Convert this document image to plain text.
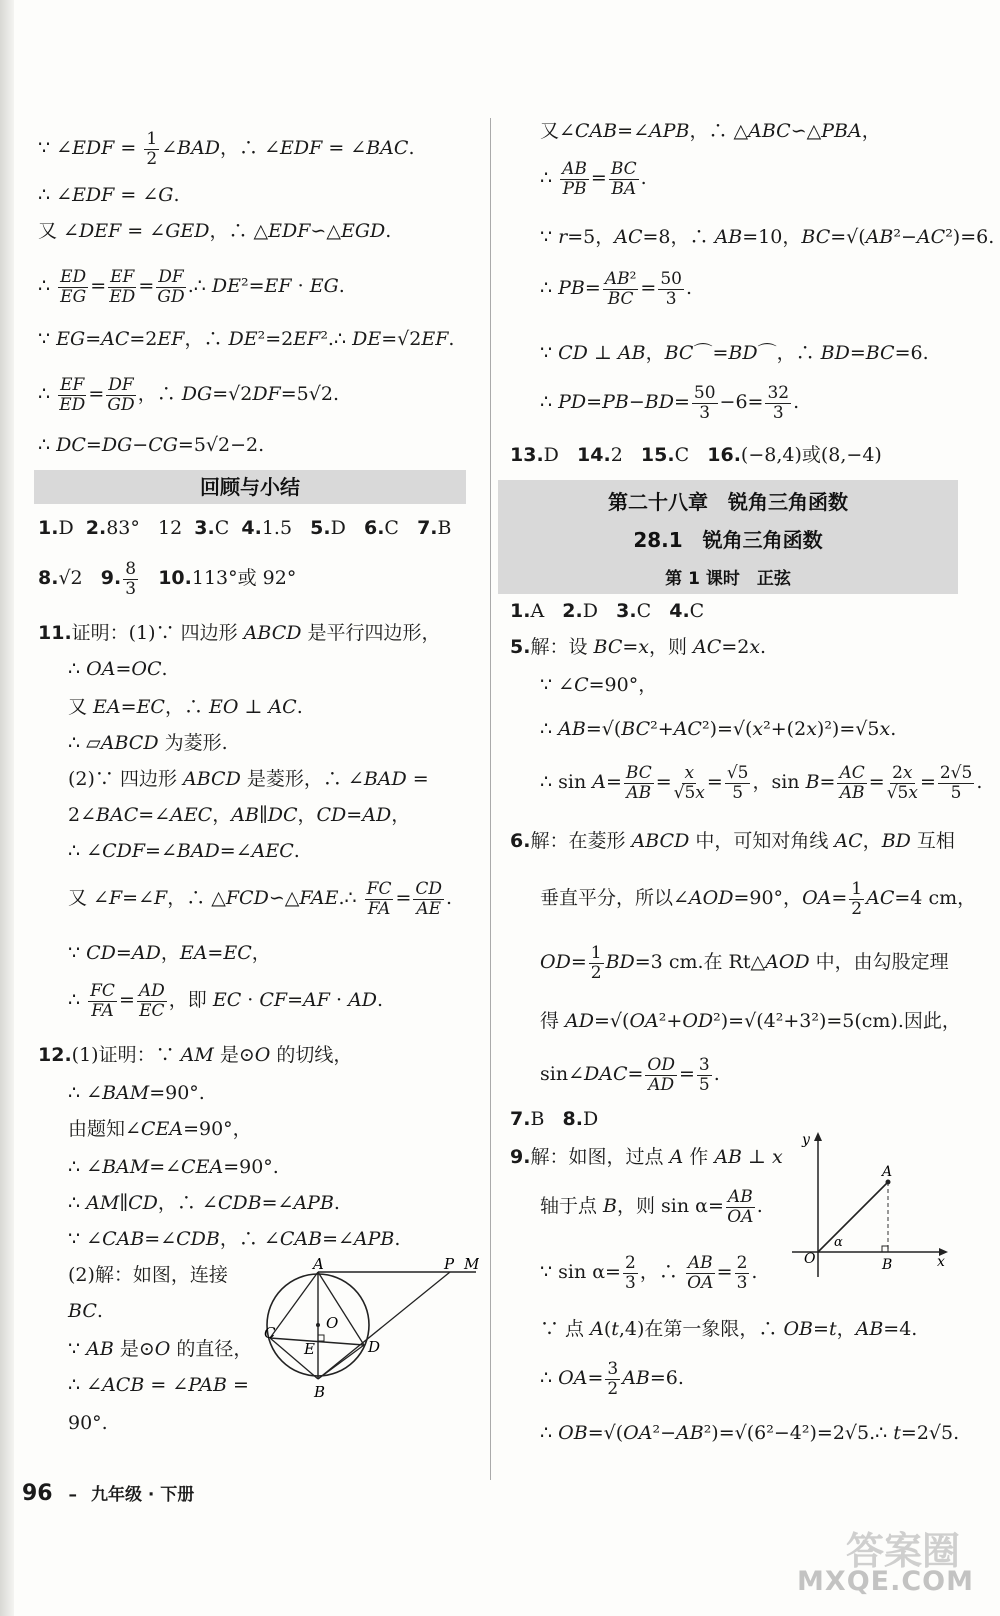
回顾与小结
A	P M
O
C
E	D
B
∵ ∠EDF = $\frac{1}{2}$ ∠BAD，∴ ∠EDF = ∠BAC.
∴ ∠EDF = ∠G.
又 ∠DEF = ∠GED，∴ △EDF∽△EGD.
∴ $\frac{ED}{EG} = \frac{EF}{ED} = \frac{DF}{GD}$ .∴ DE²=EF · EG.
∵ EG=AC=2EF，∴ DE²=2EF².∴ DE=√2EF.
∴ $\frac{EF}{ED} = \frac{DF}{GD}$ ，∴ DG=√2DF=5√2.
∴ DC=DG−CG=5√2−2.
1.D  2.83°   12  3.C  4.1.5   5.D   6.C   7.B
8.√2   9. $\frac{8}{3} 10.113^\circ$或 92°
11.证明：(1)∵ 四边形 ABCD 是平行四边形，
∴ OA=OC.
又 EA=EC，∴ EO ⊥ AC.
∴ ▱ABCD 为菱形.
(2)∵ 四边形 ABCD 是菱形，∴ ∠BAD =
2∠BAC=∠AEC，AB∥DC，CD=AD，
∴ ∠CDF=∠BAD=∠AEC.
又 ∠F=∠F，∴ △FCD∽△FAE.∴ $\frac{FC}{FA} = \frac{CD}{AE}$ .
∵ CD=AD，EA=EC，
∴ $\frac{FC}{FA} = \frac{AD}{EC}$ ，即 EC · CF=AF · AD.
12.(1)证明：∵ AM 是⊙O 的切线，
∴ ∠BAM=90°.
由题知∠CEA=90°，
∴ ∠BAM=∠CEA=90°.
∴ AM∥CD，∴ ∠CDB=∠APB.
∵ ∠CAB=∠CDB，∴ ∠CAB=∠APB.
(2)解：如图，连接
BC.
∵ AB 是⊙O 的直径，
∴ ∠ACB = ∠PAB =
90°.
第二十八章　锐角三角函数
28.1　锐角三角函数
第 1 课时　正弦
y
A
O
α
B	x
又∠CAB=∠APB，∴ △ABC∽△PBA，
∴ $\frac{AB}{PB} = \frac{BC}{BA}$ .
∵ r=5，AC=8，∴ AB=10，BC=√(AB²−AC²)=6.
∴ $PB= \frac{\text{AB²}}{BC} = \frac{50}{3}$ .
∵ CD ⊥ AB，BC⌒=BD⌒，∴ BD=BC=6.
∴ $PD=PB-BD= \frac{50}{3} -6= \frac{32}{3}$ .
13.D   14.2   15.C   16.(−8,4)或(8,−4)
1.A   2.D   3.C   4.C
5.解：设 BC=x，则 AC=2x.
∵ ∠C=90°，
∴ AB=√(BC²+AC²)=√(x²+(2x)²)=√5x.
∴ $\sin A= \frac{BC}{AB} = \frac{x}{√5x} = \frac{√5}{5}$ ，$\sin B= \frac{AC}{AB} = \frac{2x}{√5x} = \frac{2√5}{5}$ .
6.解：在菱形 ABCD 中，可知对角线 AC，BD 互相
垂直平分，所以∠AOD=90°，$OA= \frac{1}{2} AC=4$ cm，
$OD= \frac{1}{2} BD=3$ cm.在 Rt△AOD 中，由勾股定理
得 AD=√(OA²+OD²)=√(4²+3²)=5(cm).因此，
sin∠DAC= $\frac{OD}{AD} = \frac{3}{5}$ .
7.B   8.D
9.解：如图，过点 A 作 AB ⊥ x
轴于点 B，则 $\sin \alpha= \frac{AB}{OA}$ .
∵ $\sin \alpha= \frac{2}{3}$ ，∴ $\frac{AB}{OA} = \frac{2}{3}$ .
∵ 点 A(t,4)在第一象限，∴ OB=t，AB=4.
∴ $OA= \frac{3}{2} AB=6$.
∴ OB=√(OA²−AB²)=√(6²−4²)=2√5.∴ t=2√5.
96 – 九年级 · 下册
答案圈
MXQE.COM
